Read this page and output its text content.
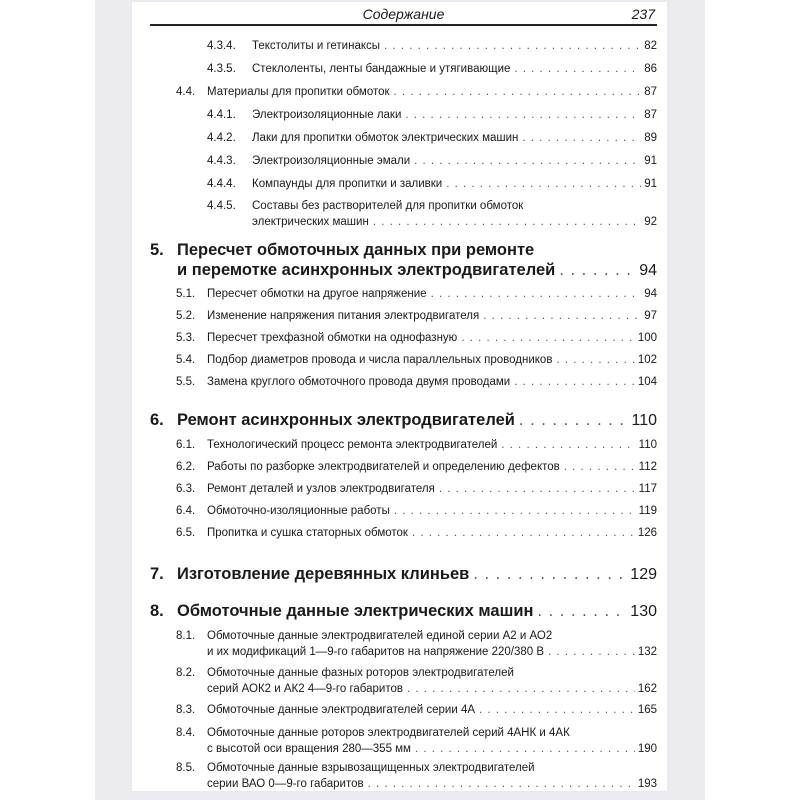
Содержание	237
4.3.4. Текстолиты и гетинаксы . . .	82
4.3.5. Стеклоленты, ленты бандажные и утягивающие . . .	86
4.4. Материалы для пропитки обмоток . . .	87
4.4.1. Электроизоляционные лаки . . .	87
4.4.2. Лаки для пропитки обмоток электрических машин . . .	89
4.4.3. Электроизоляционные эмали . . .	91
4.4.4. Компаунды для пропитки и заливки . . .	91
4.4.5. Составы без растворителей для пропитки обмоток
электрических машин . . .	92
5. Пересчет обмоточных данных при ремонте
и перемотке асинхронных электродвигателей . . .	94
5.1. Пересчет обмотки на другое напряжение . . .	94
5.2. Изменение напряжения питания электродвигателя . . .	97
5.3. Пересчет трехфазной обмотки на однофазную . . .	100
5.4. Подбор диаметров провода и числа параллельных проводников . . .	102
5.5. Замена круглого обмоточного провода двумя проводами . . .	104
6. Ремонт асинхронных электродвигателей . . .	110
6.1. Технологический процесс ремонта электродвигателей . . .	110
6.2. Работы по разборке электродвигателей и определению дефектов . . .	112
6.3. Ремонт деталей и узлов электродвигателя . . .	117
6.4. Обмоточно-изоляционные работы . . .	119
6.5. Пропитка и сушка статорных обмоток . . .	126
7. Изготовление деревянных клиньев . . .	129
8. Обмоточные данные электрических машин . . .	130
8.1. Обмоточные данные электродвигателей единой серии А2 и АО2
и их модификаций 1—9-го габаритов на напряжение 220/380 В . . .	132
8.2. Обмоточные данные фазных роторов электродвигателей
серий АОК2 и АК2 4—9-го габаритов . . .	162
8.3. Обмоточные данные электродвигателей серии 4А . . .	165
8.4. Обмоточные данные роторов электродвигателей серий 4АНК и 4АК
с высотой оси вращения 280—355 мм . . .	190
8.5. Обмоточные данные взрывозащищенных электродвигателей
серии ВАО 0—9-го габаритов . . .	193
